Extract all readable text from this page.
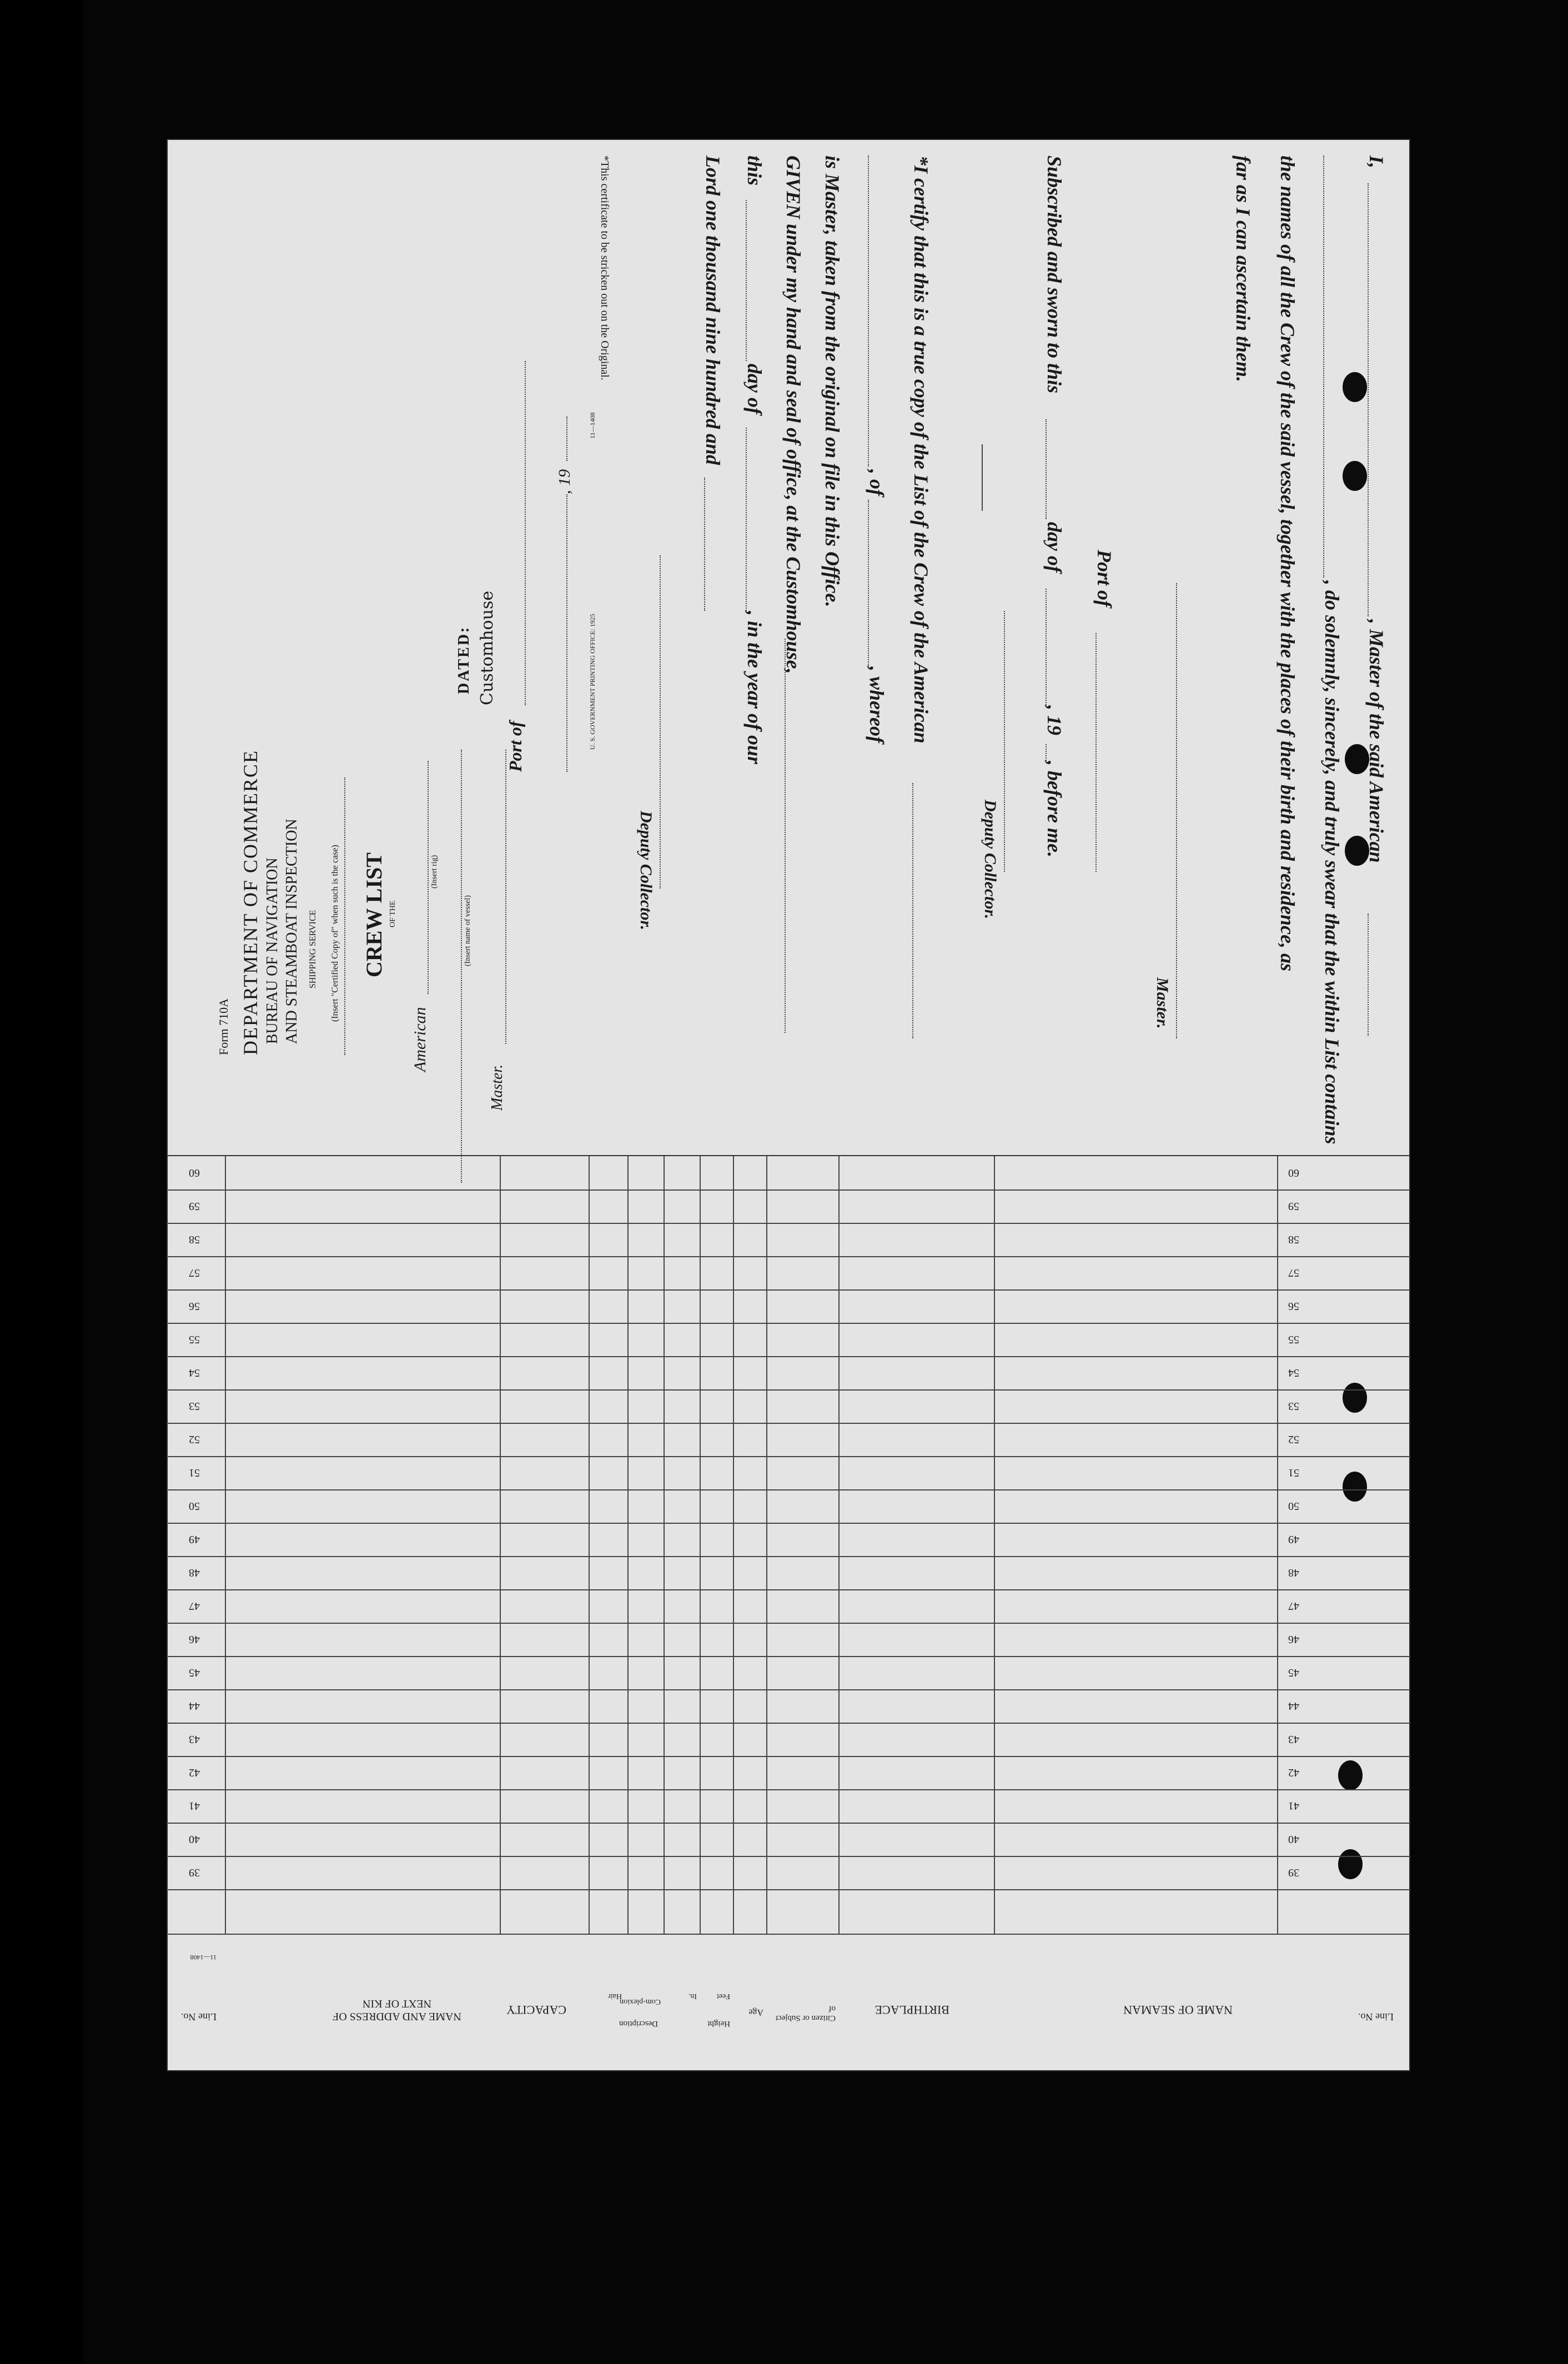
I,
, Master of the said American
, do solemnly, sincerely, and truly swear that the within List contains
the names of all the Crew of the said vessel, together with the places of their birth and residence, as
far as I can ascertain them.
Master.
Port of
Subscribed and sworn to this
day of
, 19
, before me.
Deputy Collector.
*I certify that this is a true copy of the List of the Crew of the American
, of
, whereof
is Master, taken from the original on file in this Office.
GIVEN under my hand and seal of office, at the Customhouse,
this
day of
, in the year of our
Lord one thousand nine hundred and
Deputy Collector.
*This certificate to be stricken out on the Original.
Form 710A DEPARTMENT OF COMMERCE BUREAU OF NAVIGATION AND STEAMBOAT INSPECTION SHIPPING SERVICE (Insert "Certified Copy of" when such is the case) CREW LIST OF THE
American
(Insert rig)
(Insert name of vessel)
Master.
DATED: Customhouse
Port of
, 19
U. S. GOVERNMENT PRINTING OFFICE: 1925
11—1408
60
59
58
57
56
55
54
53
52
51
50
49
48
47
46
45
44
43
42
41
40
39
60
59
58
57
56
55
54
53
52
51
50
49
48
47
46
45
44
43
42
41
40
39
Line No.
NAME OF SEAMAN
BIRTHPLACE
Citizen or Subject of
Age
Height
Feet
In.
Description
Com-plexion
Hair
CAPACITY
NAME AND ADDRESS OF NEXT OF KIN
Line No.
11—1408
